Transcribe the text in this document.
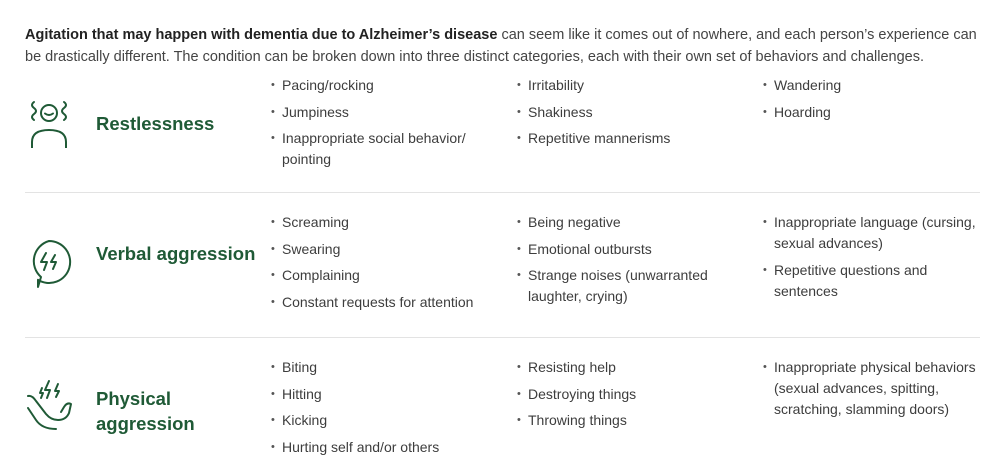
Agitation that may happen with dementia due to Alzheimer’s disease can seem like it comes out of nowhere, and each person’s experience can be drastically different. The condition can be broken down into three distinct categories, each with their own set of behaviors and challenges.

Restlessness
• Pacing/rocking
• Jumpiness
• Inappropriate social behavior/ pointing
• Irritability
• Shakiness
• Repetitive mannerisms
• Wandering
• Hoarding
Verbal aggression
• Screaming
• Swearing
• Complaining
• Constant requests for attention
• Being negative
• Emotional outbursts
• Strange noises (unwarranted laughter, crying)
• Inappropriate language (cursing, sexual advances)
• Repetitive questions and sentences
Physical aggression
• Biting
• Hitting
• Kicking
• Hurting self and/or others
• Resisting help
• Destroying things
• Throwing things
• Inappropriate physical behaviors (sexual advances, spitting, scratching, slamming doors)
